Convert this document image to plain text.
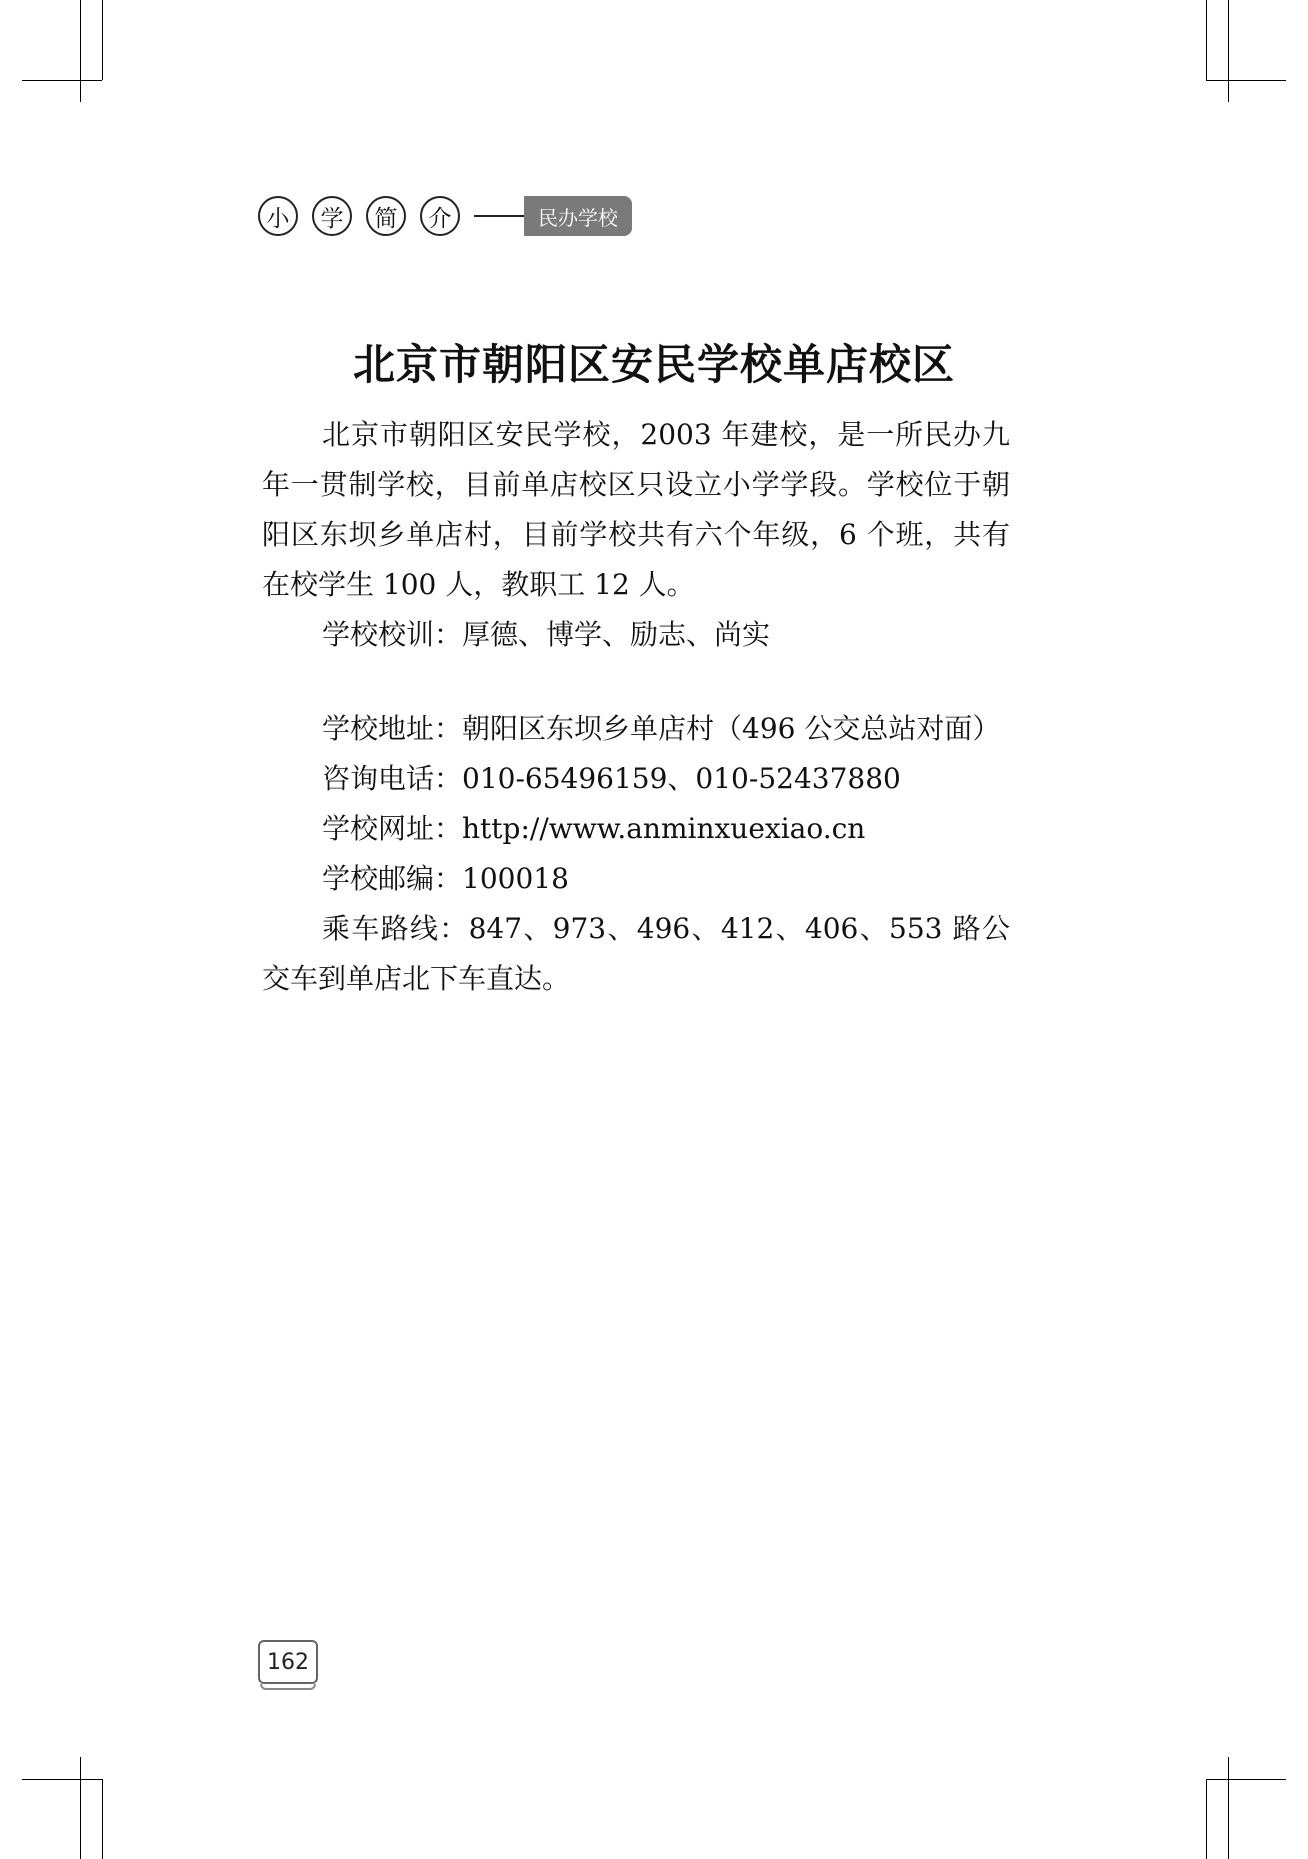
小	学	简	介	民办学校
北京市朝阳区安民学校单店校区

北京市朝阳区安民学校，2003 年建校，是一所民办九年一贯制学校，目前单店校区只设立小学学段。学校位于朝阳区东坝乡单店村，目前学校共有六个年级，6 个班，共有在校学生 100 人，教职工 12 人。

学校校训：厚德、博学、励志、尚实

学校地址：朝阳区东坝乡单店村（496 公交总站对面）

咨询电话：010-65496159、010-52437880

学校网址：http://www.anminxuexiao.cn

学校邮编：100018

乘车路线：847、973、496、412、406、553 路公交车到单店北下车直达。

162
